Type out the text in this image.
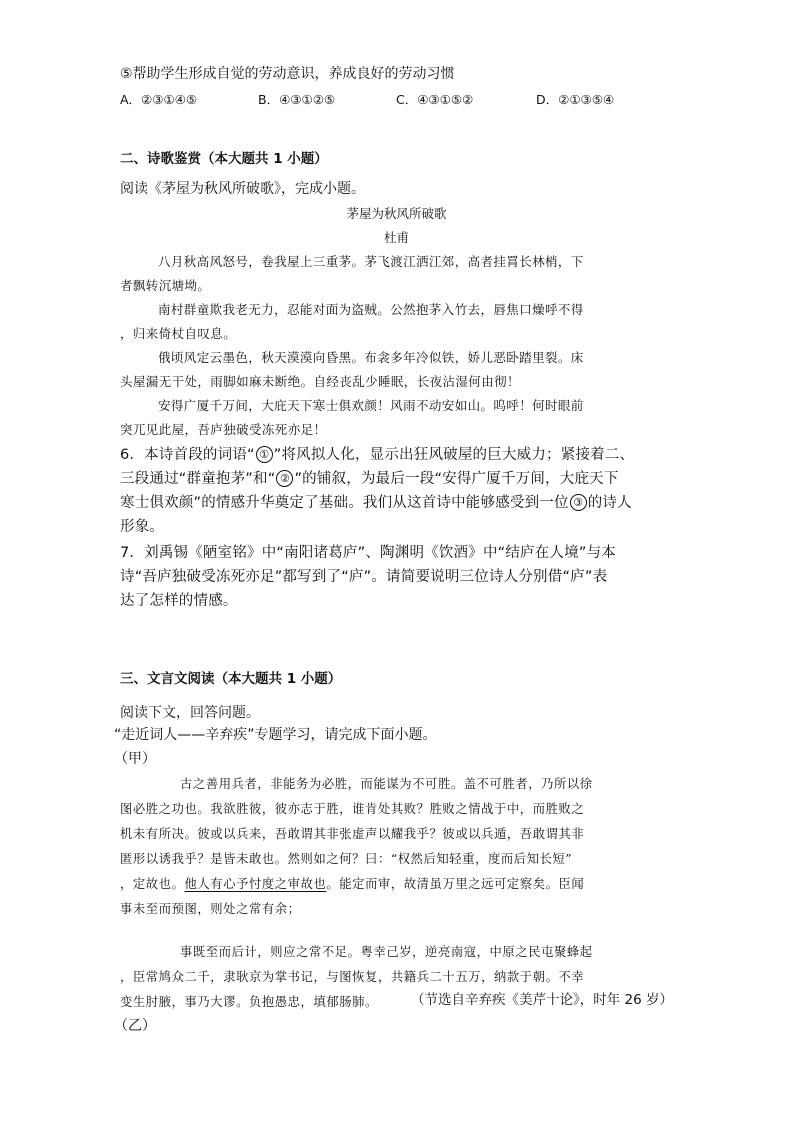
⑤帮助学生形成自觉的劳动意识，养成良好的劳动习惯
A．②③①④⑤	B．④③①②⑤	C．④③①⑤②	D．②①③⑤④
二、诗歌鉴赏（本大题共 1 小题）
阅读《茅屋为秋风所破歌》，完成小题。
茅屋为秋风所破歌
杜甫
八月秋高风怒号，卷我屋上三重茅。茅飞渡江洒江郊，高者挂罥长林梢，下
者飘转沉塘坳。
南村群童欺我老无力，忍能对面为盗贼。公然抱茅入竹去，唇焦口燥呼不得
，归来倚杖自叹息。
俄顷风定云墨色，秋天漠漠向昏黑。布衾多年冷似铁，娇儿恶卧踏里裂。床
头屋漏无干处，雨脚如麻未断绝。自经丧乱少睡眠，长夜沾湿何由彻！
安得广厦千万间，大庇天下寒士俱欢颜！风雨不动安如山。呜呼！何时眼前
突兀见此屋，吾庐独破受冻死亦足！
6．本诗首段的词语“ ① ”将风拟人化，显示出狂风破屋的巨大威力；紧接着二、
三段通过“群童抱茅”和“ ② ”的铺叙，为最后一段“安得广厦千万间，大庇天下
寒士俱欢颜”的情感升华奠定了基础。我们从这首诗中能够感受到一位 ③ 的诗人
形象。
7．刘禹锡《陋室铭》中“南阳诸葛庐”、陶渊明《饮酒》中“结庐在人境”与本
诗“吾庐独破受冻死亦足”都写到了“庐”。请简要说明三位诗人分别借“庐”表
达了怎样的情感。
三、文言文阅读（本大题共 1 小题）
阅读下文，回答问题。
“走近词人——辛弃疾”专题学习，请完成下面小题。
（甲）
古之善用兵者，非能务为必胜，而能谋为不可胜。盖不可胜者，乃所以徐
图必胜之功也。我欲胜彼，彼亦志于胜，谁肯处其败？胜败之情战于中，而胜败之
机未有所决。彼或以兵来，吾敢谓其非张虚声以耀我乎？彼或以兵遁，吾敢谓其非
匿形以诱我乎？是皆未敢也。然则如之何？曰：“权然后知轻重，度而后知长短”
，定故也。他人有心予忖度之审故也。能定而审，故清虽万里之远可定察矣。臣闻
事未至而预图，则处之常有余；
事既至而后计，则应之常不足。粤幸己岁，逆亮南寇，中原之民屯聚蜂起
，臣常鸠众二千，隶耿京为掌书记，与图恢复，共籍兵二十五万，纳款于朝。不幸
变生肘腋，事乃大谬。负抱愚忠，填郁肠肺。	（节选自辛弃疾《美芹十论》，时年 26 岁）
（乙）
